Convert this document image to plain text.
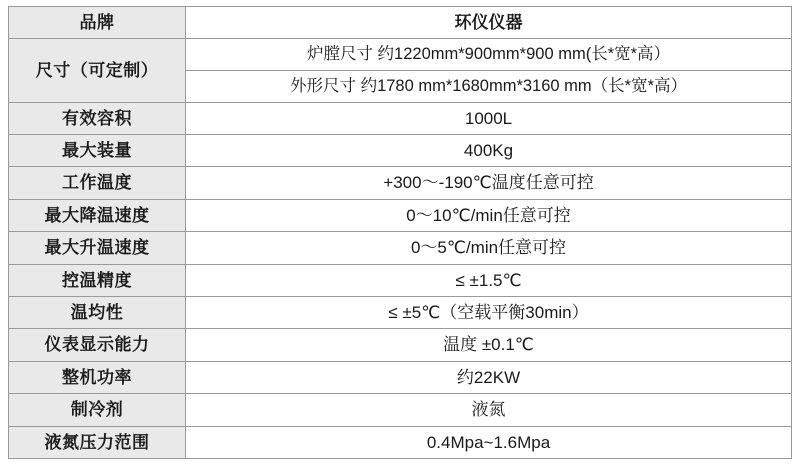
品牌	环仪仪器
尺寸（可定制）	炉膛尺寸 约1220mm*900mm*900 mm(长*宽*高）
	外形尺寸 约1780 mm*1680mm*3160 mm（长*宽*高）
有效容积	1000L
最大装量	400Kg
工作温度	+300～-190℃温度任意可控
最大降温速度	0～10℃/min任意可控
最大升温速度	0～5℃/min任意可控
控温精度	≤ ±1.5℃
温均性	≤ ±5℃（空载平衡30min）
仪表显示能力	温度 ±0.1℃
整机功率	约22KW
制冷剂	液氮
液氮压力范围	0.4Mpa~1.6Mpa
